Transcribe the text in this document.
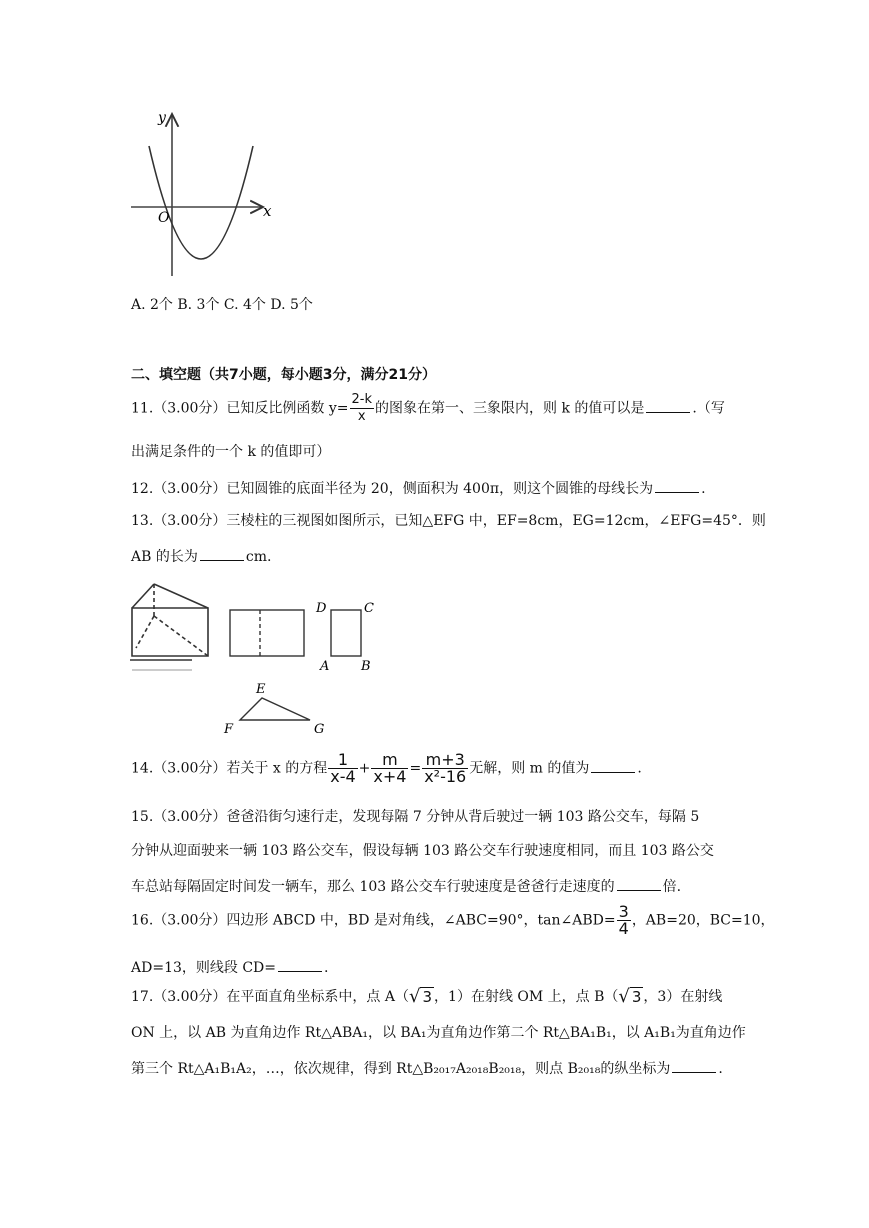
y
x
O
A. 2个 B. 3个 C. 4个 D. 5个
二、填空题（共7小题，每小题3分，满分21分）
11.（3.00分）已知反比例函数 $y= \frac{2-k}{x}$ 的图象在第一、三象限内，则 k 的值可以是	.（写
出满足条件的一个 k 的值即可）
12.（3.00分）已知圆锥的底面半径为 20，侧面积为 400π，则这个圆锥的母线长为	.
13.（3.00分）三棱柱的三视图如图所示，已知△EFG 中，EF=8cm，EG=12cm，∠EFG=45°．则
AB 的长为	cm.
D	C
A B
E
F	G
14.（3.00分）若关于 x 的方程 $\frac{1}{x-4} + \frac{m}{x+4} = \frac{m+3}{\text{x²-16}}$ 无解，则 m 的值为	.
15.（3.00分）爸爸沿街匀速行走，发现每隔 7 分钟从背后驶过一辆 103 路公交车，每隔 5
分钟从迎面驶来一辆 103 路公交车，假设每辆 103 路公交车行驶速度相同，而且 103 路公交
车总站每隔固定时间发一辆车，那么 103 路公交车行驶速度是爸爸行走速度的	倍.
16.（3.00分）四边形 ABCD 中，BD 是对角线，∠ABC=90°，tan∠ABD= $\frac{3}{4}$ ，AB=20，BC=10，
AD=13，则线段 CD=	.
17.（3.00分）在平面直角坐标系中，点 A（√ 3 ，1）在射线 OM 上，点 B（√ 3 ，3）在射线
ON 上，以 AB 为直角边作 Rt△ABA₁，以 BA₁为直角边作第二个 Rt△BA₁B₁，以 A₁B₁为直角边作
第三个 Rt△A₁B₁A₂，…，依次规律，得到 Rt△B₂₀₁₇A₂₀₁₈B₂₀₁₈，则点 B₂₀₁₈的纵坐标为	.
